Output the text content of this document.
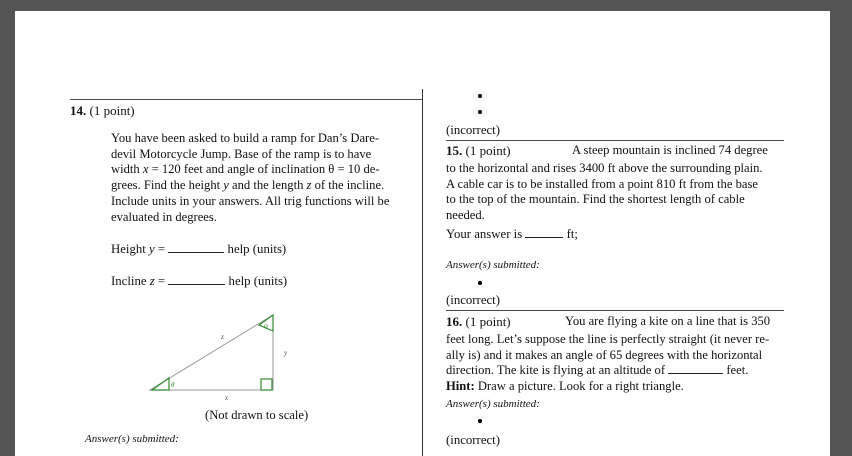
14. (1 point)
You have been asked to build a ramp for Dan’s Dare-
devil Motorcycle Jump. Base of the ramp is to have
width x = 120 feet and angle of inclination θ = 10 de-
grees. Find the height y and the length z of the incline.
Include units in your answers. All trig functions will be
evaluated in degrees.
Height y =	help (units)
Incline z =	help (units)
(Not drawn to scale)
Answer(s) submitted:
z
y
x
θ
φ
(incorrect)
15. (1 point)	A steep mountain is inclined 74 degree
to the horizontal and rises 3400 ft above the surrounding plain.
A cable car is to be installed from a point 810 ft from the base
to the top of the mountain. Find the shortest length of cable
needed.
Your answer is	ft;
Answer(s) submitted:
(incorrect)
16. (1 point)	You are flying a kite on a line that is 350
feet long. Let’s suppose the line is perfectly straight (it never re-
ally is) and it makes an angle of 65 degrees with the horizontal
direction. The kite is flying at an altitude of	feet.
Hint: Draw a picture. Look for a right triangle.
Answer(s) submitted:
(incorrect)
